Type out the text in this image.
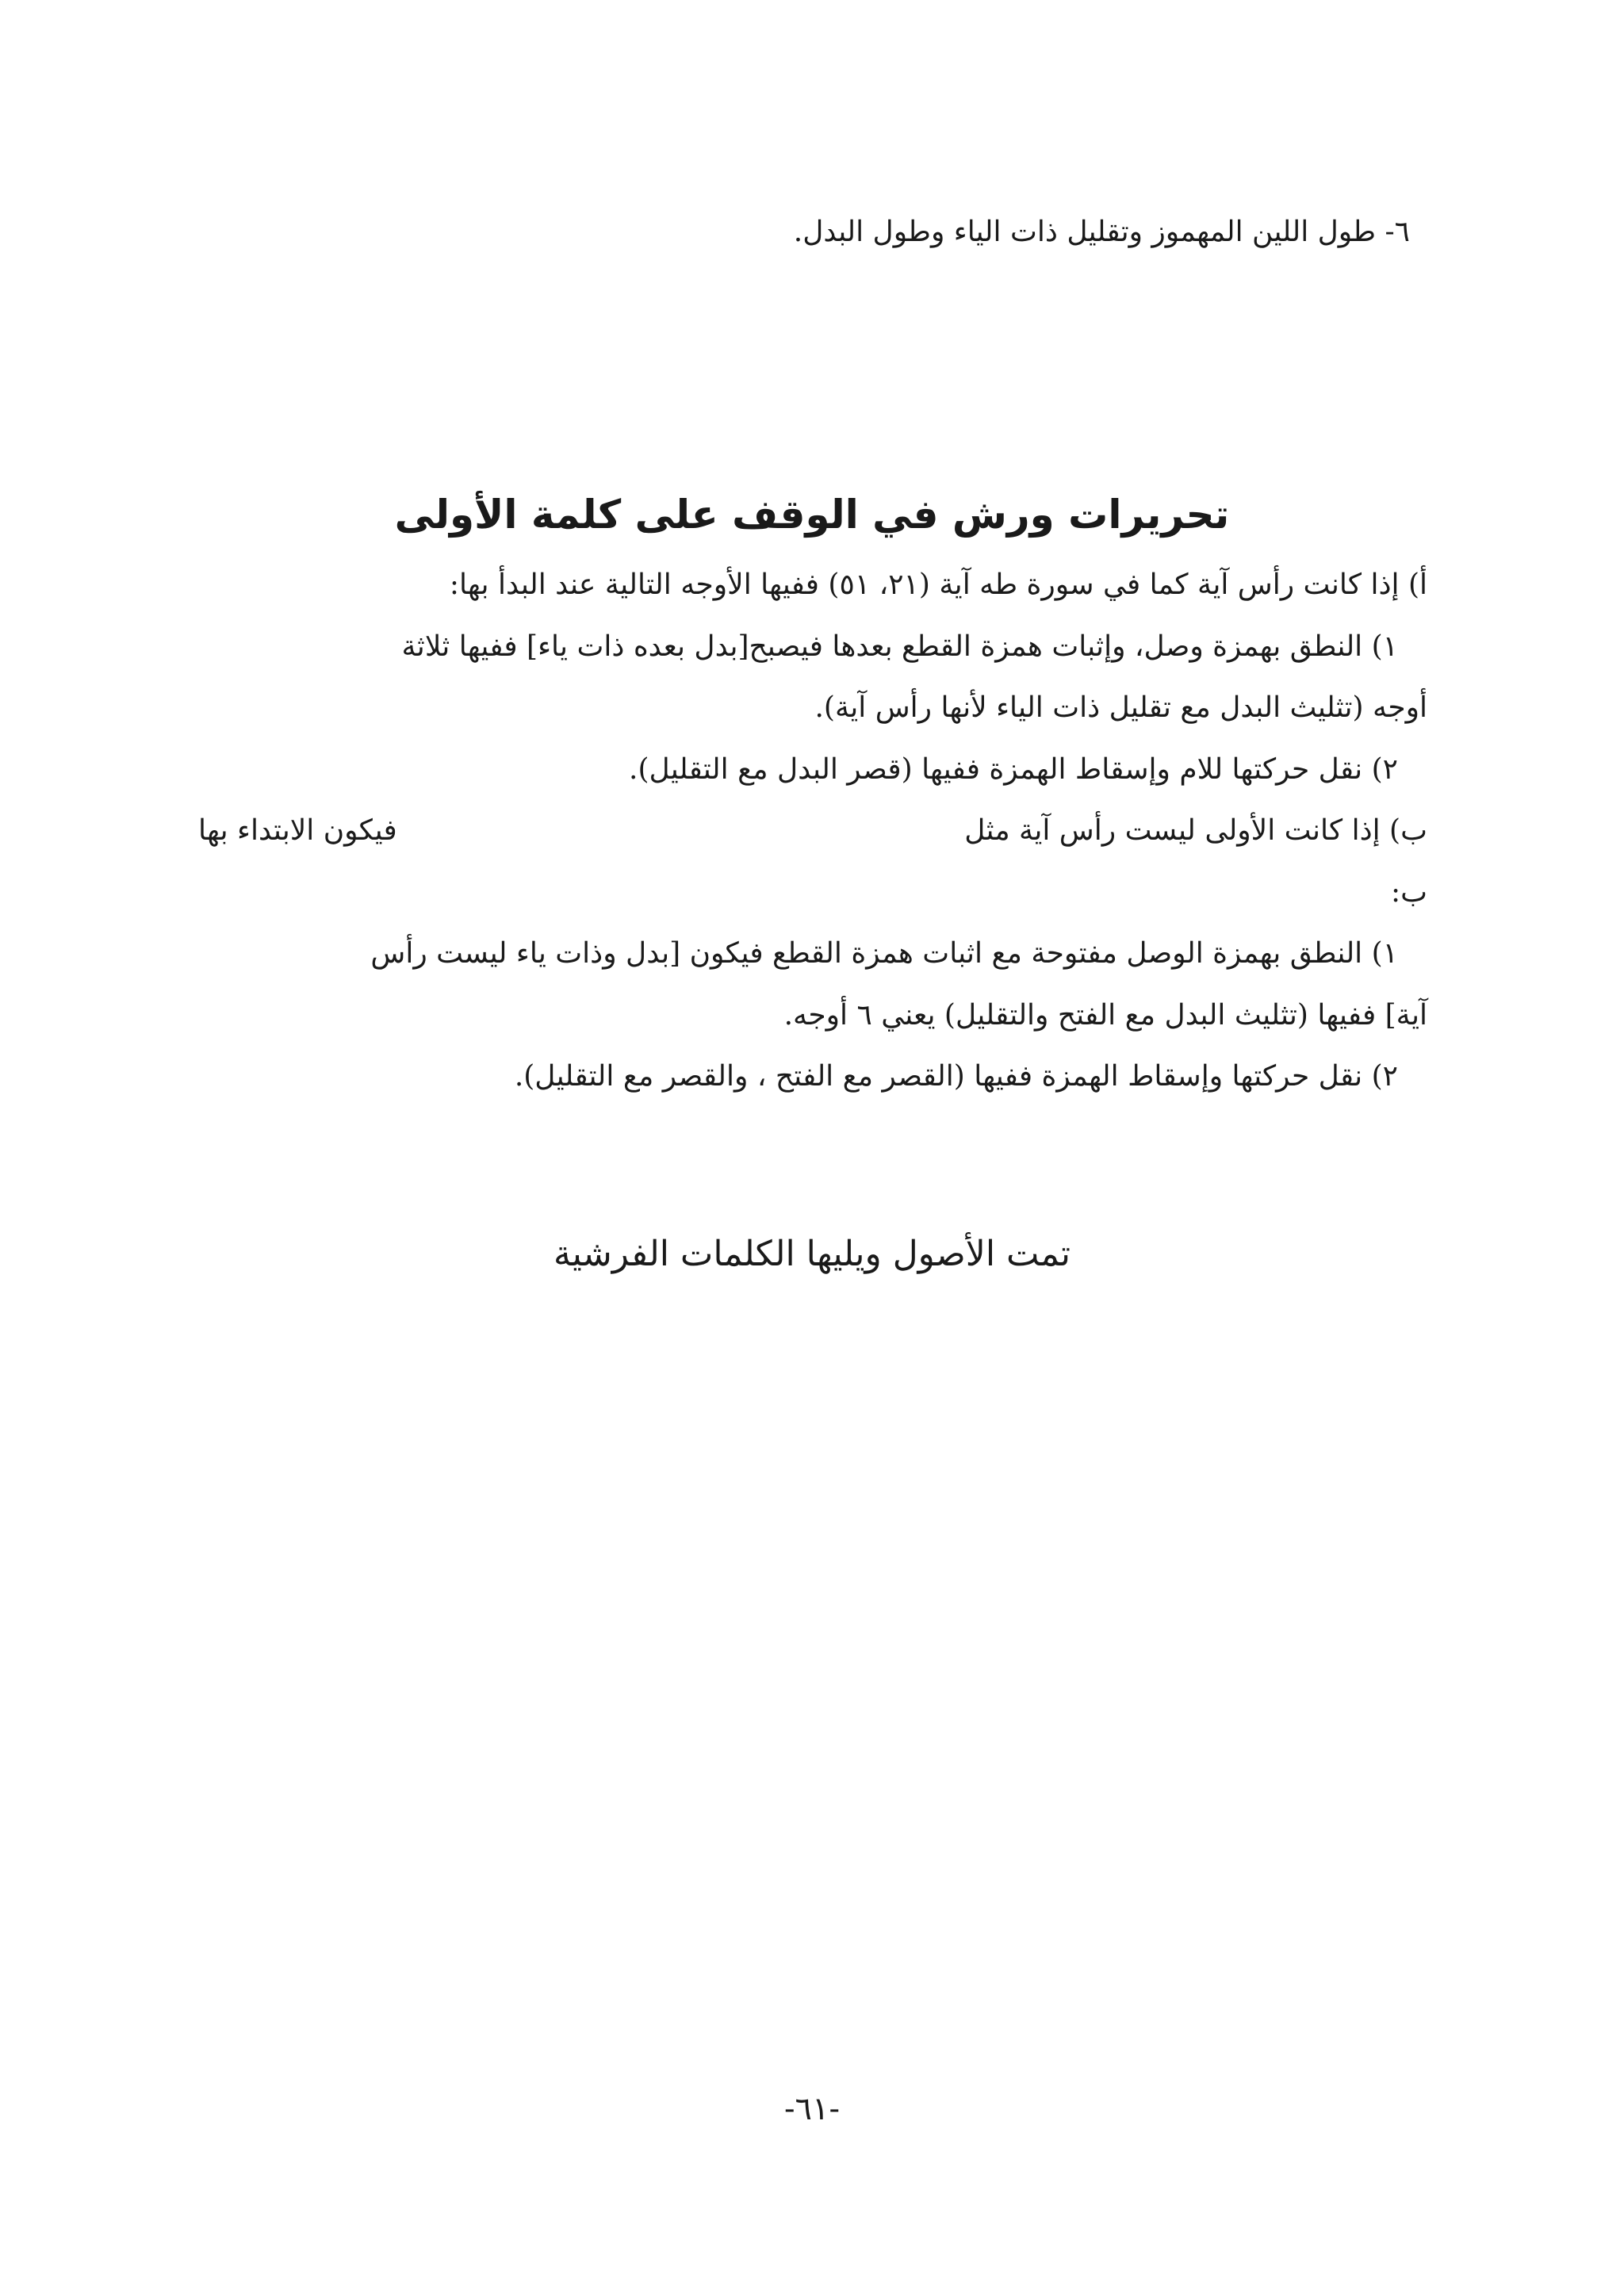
٦- طول اللين المهموز وتقليل ذات الياء وطول البدل.
تحريرات ورش في الوقف على كلمة الأولى
أ) إذا كانت رأس آية كما في سورة طه آية (٢١، ٥١) ففيها الأوجه التالية عند البدأ بها:
١) النطق بهمزة وصل، وإثبات همزة القطع بعدها فيصبح[بدل بعده ذات ياء] ففيها ثلاثة
أوجه (تثليث البدل مع تقليل ذات الياء لأنها رأس آية).
٢) نقل حركتها للام وإسقاط الهمزة ففيها (قصر البدل مع التقليل).
ب) إذا كانت الأولى ليست رأس آية مثل
فيكون الابتداء بها
ب:
١) النطق بهمزة الوصل مفتوحة مع اثبات همزة القطع فيكون [بدل وذات ياء ليست رأس
آية] ففيها (تثليث البدل مع الفتح والتقليل) يعني ٦ أوجه.
٢) نقل حركتها وإسقاط الهمزة ففيها (القصر مع الفتح ، والقصر مع التقليل).
تمت الأصول ويليها الكلمات الفرشية
-٦١-
